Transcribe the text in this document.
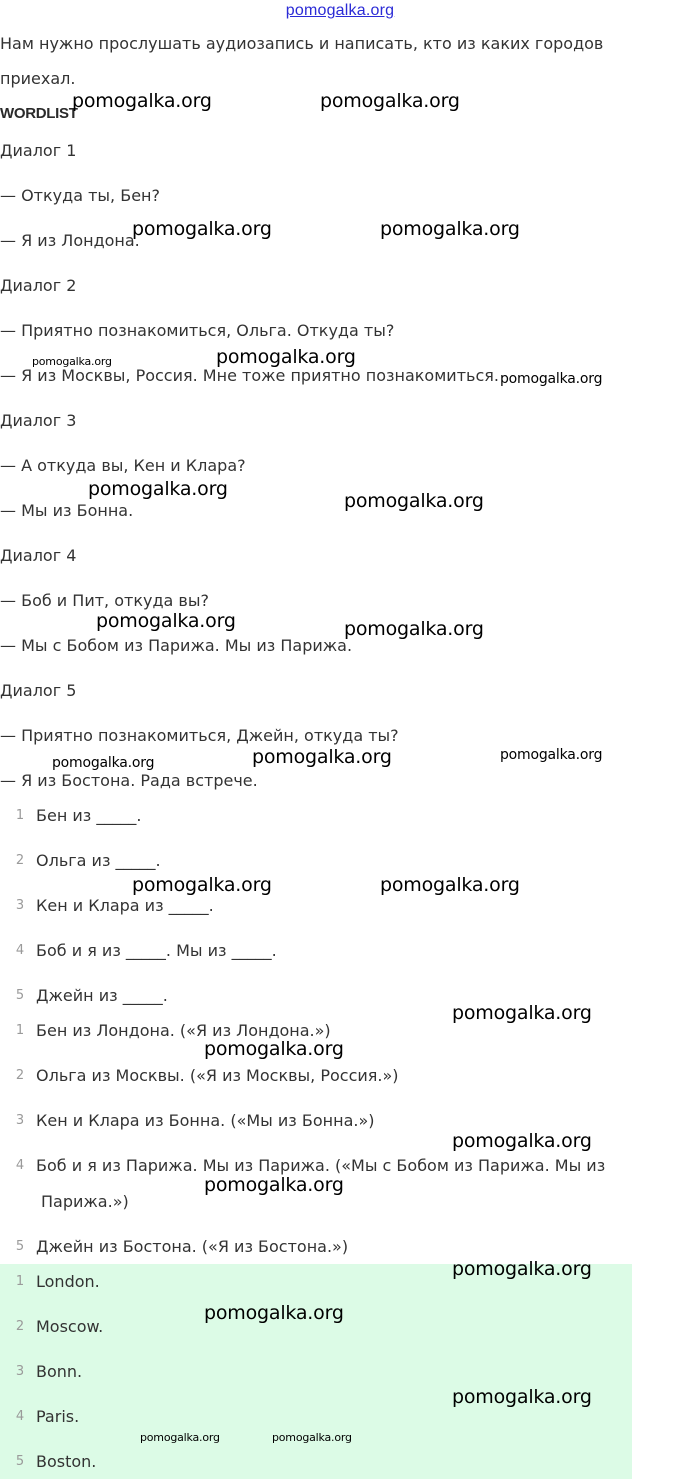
pomogalka.org
Нам нужно прослушать аудиозапись и написать, кто из каких городов
приехал.
WORDLIST
Диалог 1
— Откуда ты, Бен?
— Я из Лондона.
Диалог 2
— Приятно познакомиться, Ольга. Откуда ты?
— Я из Москвы, Россия. Мне тоже приятно познакомиться.
Диалог 3
— А откуда вы, Кен и Клара?
— Мы из Бонна.
Диалог 4
— Боб и Пит, откуда вы?
— Мы с Бобом из Парижа. Мы из Парижа.
Диалог 5
— Приятно познакомиться, Джейн, откуда ты?
— Я из Бостона. Рада встрече.
1 Бен из _____.
2 Ольга из _____.
3 Кен и Клара из _____.
4 Боб и я из _____. Мы из _____.
5 Джейн из _____.
1 Бен из Лондона. («Я из Лондона.»)
2 Ольга из Москвы. («Я из Москвы, Россия.»)
3 Кен и Клара из Бонна. («Мы из Бонна.»)
4 Боб и я из Парижа. Мы из Парижа. («Мы с Бобом из Парижа. Мы из
Парижа.»)
5 Джейн из Бостона. («Я из Бостона.»)
1 London.
2 Moscow.
3 Bonn.
4 Paris.
5 Boston.
pomogalka.org	pomogalka.org
pomogalka.org	pomogalka.org
pomogalka.org	pomogalka.org
pomogalka.org
pomogalka.org
pomogalka.org
pomogalka.org	pomogalka.org
pomogalka.org	pomogalka.org
pomogalka.org
pomogalka.org	pomogalka.org
pomogalka.org
pomogalka.org
pomogalka.org
pomogalka.org
pomogalka.org
pomogalka.org
pomogalka.org
pomogalka.org	pomogalka.org
